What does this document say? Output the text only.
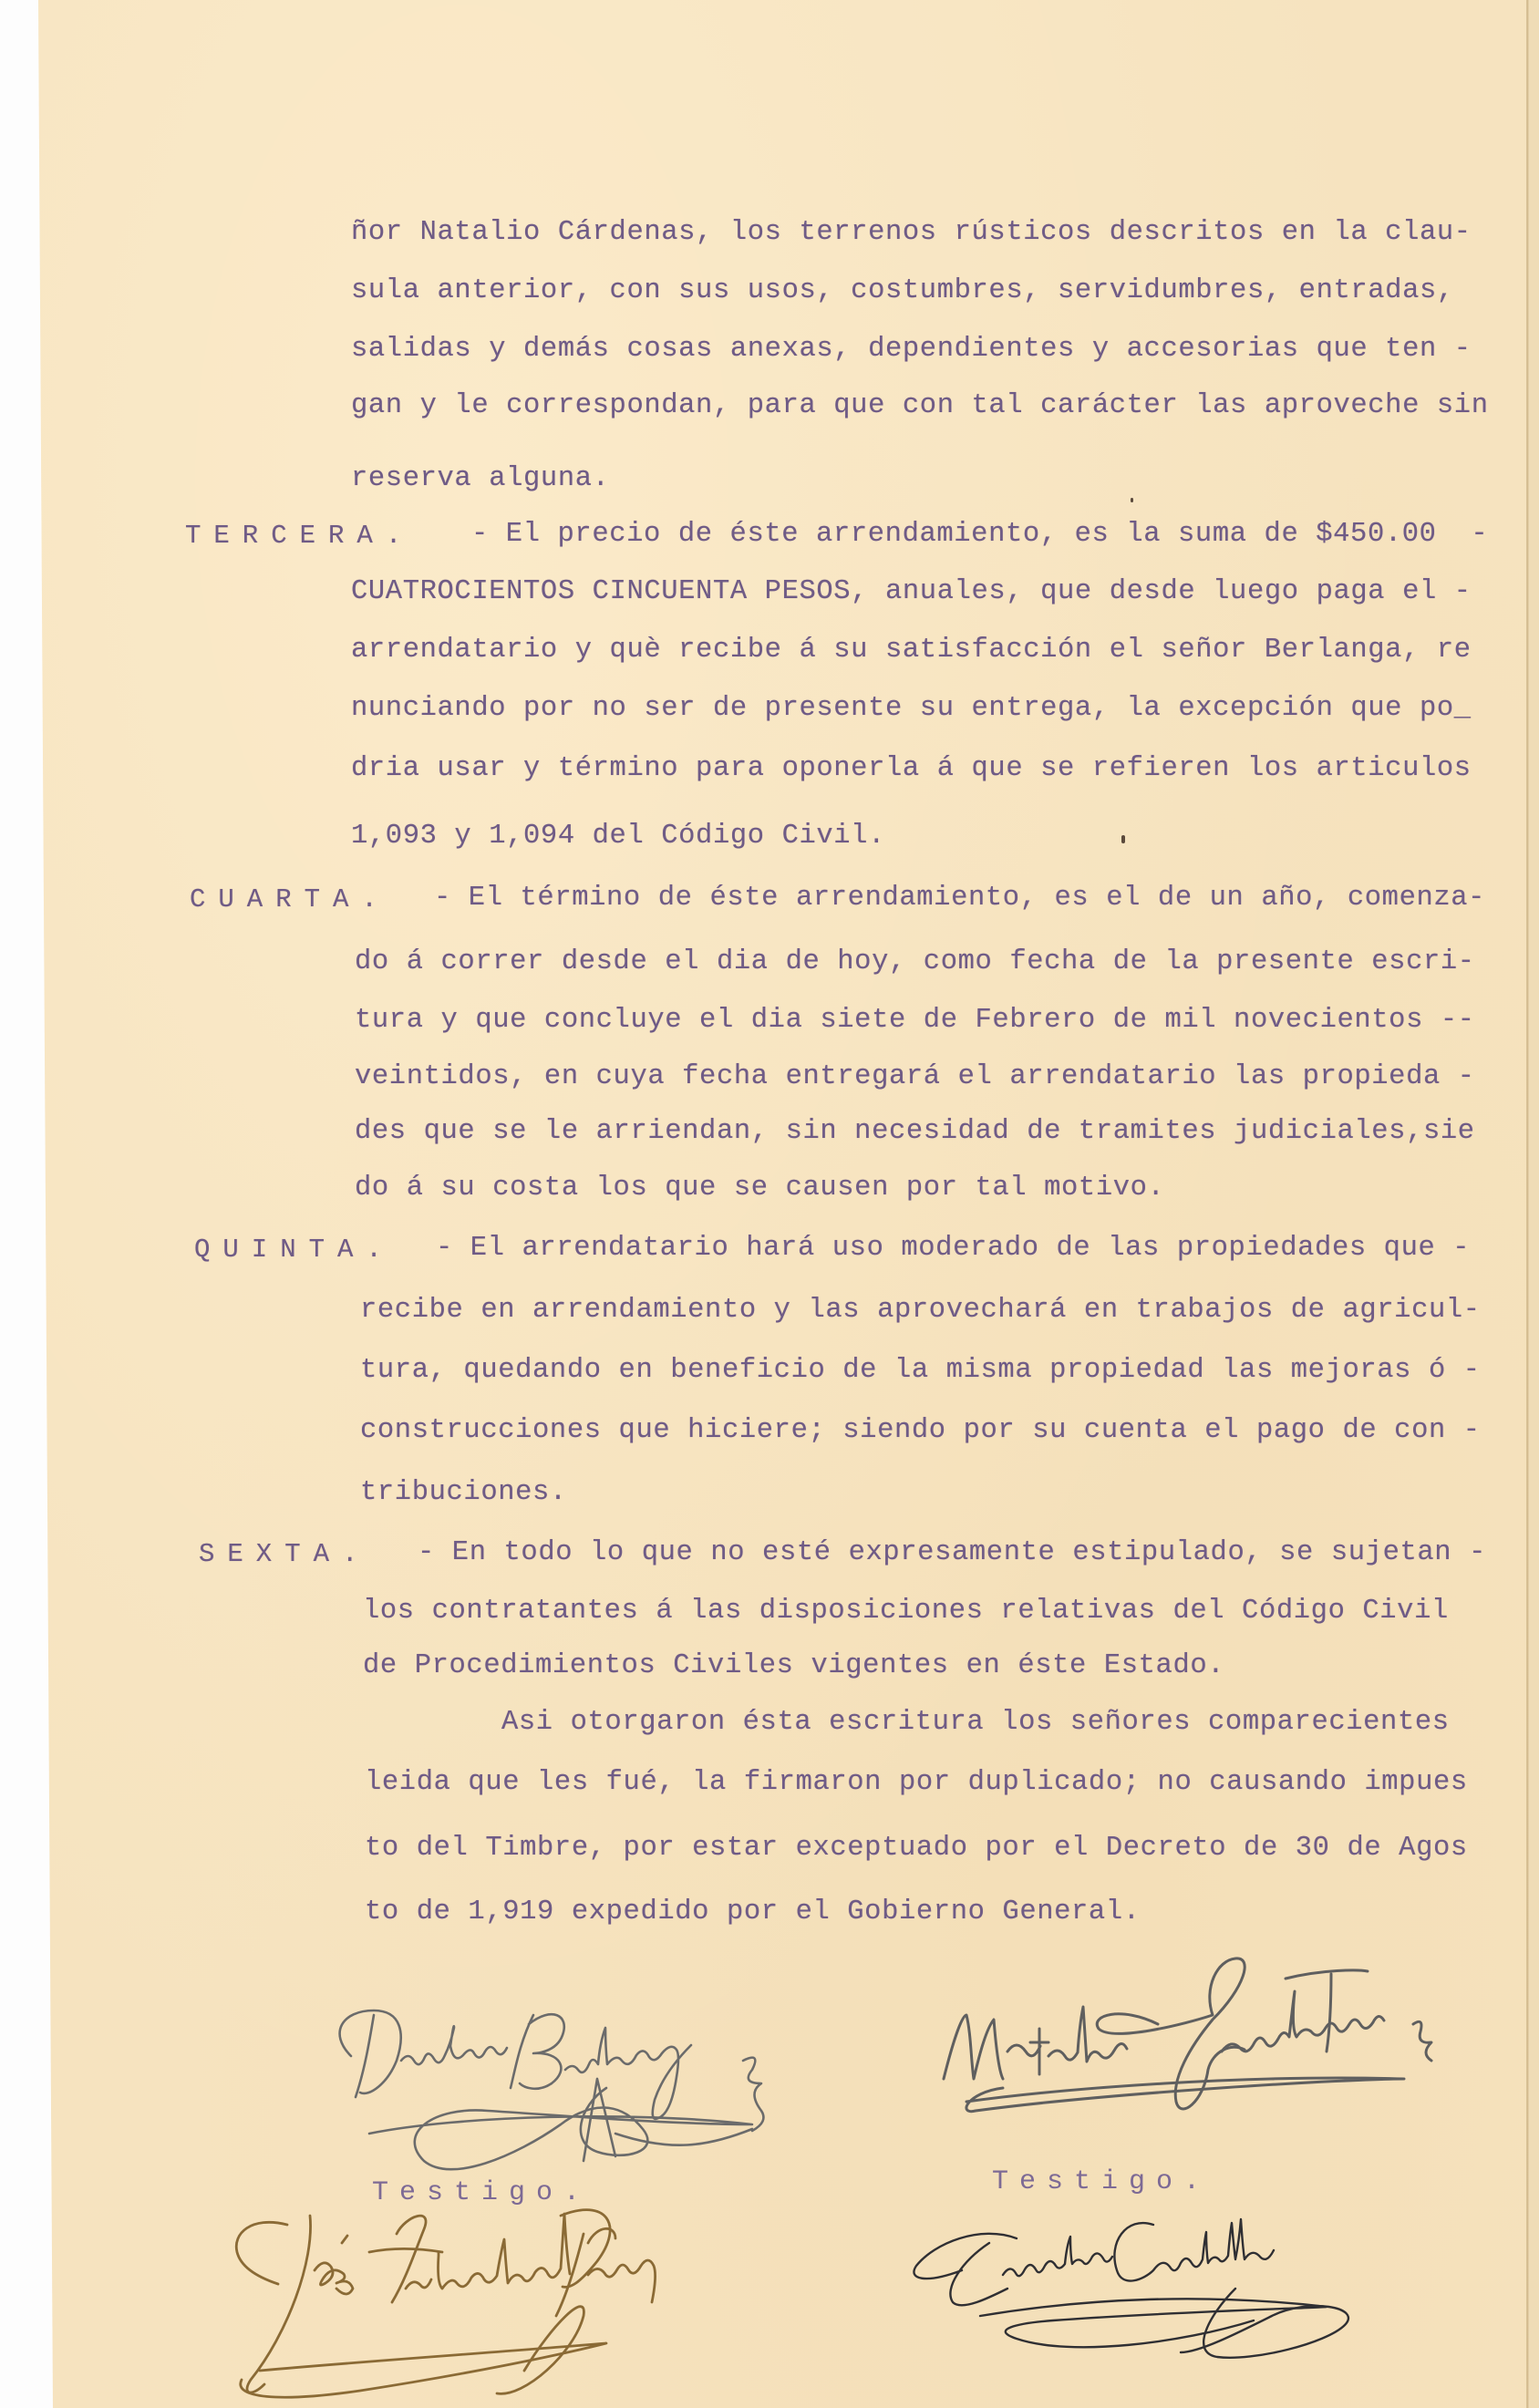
ñor Natalio Cárdenas, los terrenos rústicos descritos en la clau-
sula anterior, con sus usos, costumbres, servidumbres, entradas,
salidas y demás cosas anexas, dependientes y accesorias que ten -
gan y le correspondan, para que con tal carácter las aproveche sin
reserva alguna.
TERCERA. - El precio de éste arrendamiento, es la suma de $450.00  -
CUATROCIENTOS CINCUENTA PESOS, anuales, que desde luego paga el -
arrendatario y què recibe á su satisfacción el señor Berlanga, re
nunciando por no ser de presente su entrega, la excepción que po_
dria usar y término para oponerla á que se refieren los articulos
1,093 y 1,094 del Código Civil.
CUARTA. - El término de éste arrendamiento, es el de un año, comenza-
do á correr desde el dia de hoy, como fecha de la presente escri-
tura y que concluye el dia siete de Febrero de mil novecientos --
veintidos, en cuya fecha entregará el arrendatario las propieda -
des que se le arriendan, sin necesidad de tramites judiciales,sie
do á su costa los que se causen por tal motivo.
QUINTA. - El arrendatario hará uso moderado de las propiedades que -
recibe en arrendamiento y las aprovechará en trabajos de agricul-
tura, quedando en beneficio de la misma propiedad las mejoras ó -
construcciones que hiciere; siendo por su cuenta el pago de con -
tribuciones.
SEXTA. - En todo lo que no esté expresamente estipulado, se sujetan -
los contratantes á las disposiciones relativas del Código Civil
de Procedimientos Civiles vigentes en éste Estado.
Asi otorgaron ésta escritura los señores comparecientes
leida que les fué, la firmaron por duplicado; no causando impues
to del Timbre, por estar exceptuado por el Decreto de 30 de Agos
to de 1,919 expedido por el Gobierno General.
Testigo.	Testigo.
